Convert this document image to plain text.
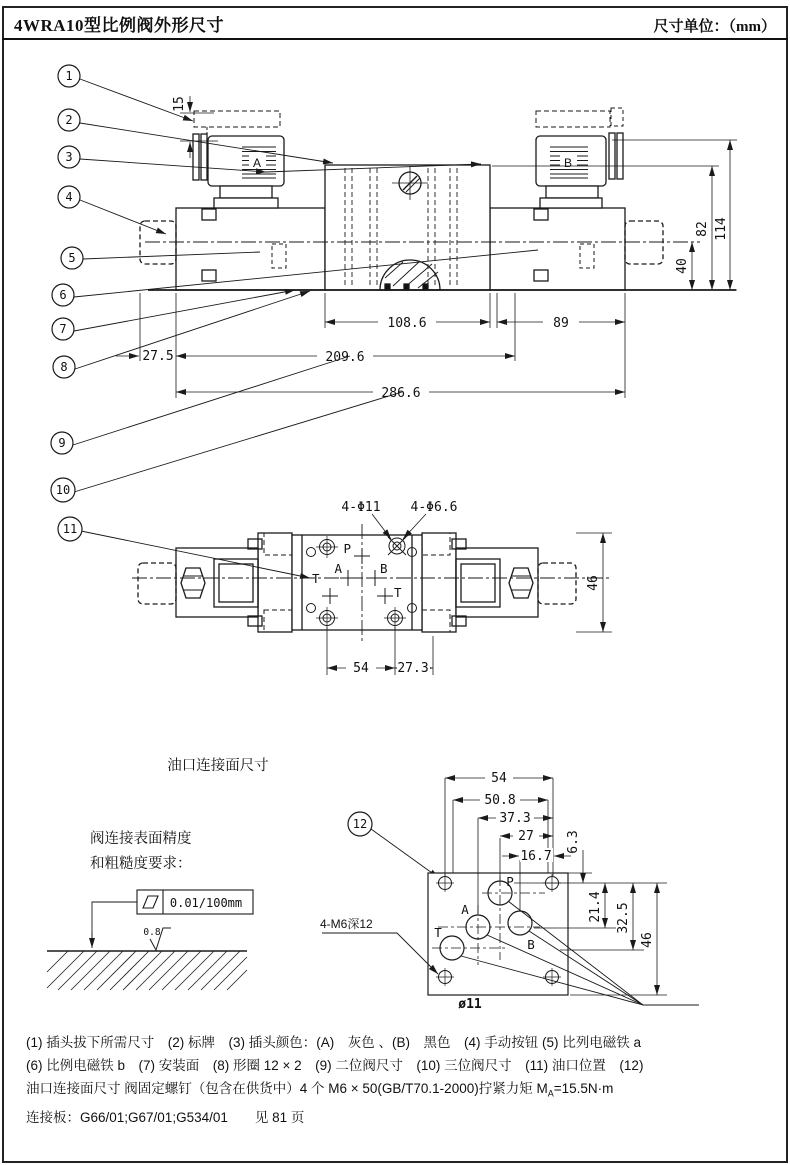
4WRA10型比例阀外形尺寸	尺寸单位：（mm）
A	B
15
40
82 114
108.6	89
27.5	209.6
286.6
4-Φ11 4-Φ6.6
P
A	B
T
T
54 27.3
46
1
2
3
4
5
6
7
8
9
10
11
12
油口连接面尺寸
阀连接表面精度
和粗糙度要求：
0.01/100mm
0.8
54
50.8
37.3
27
16.7
6.3
21.4 32.5
46
P
A
B
T
4-M6深12
ø11
(1) 插头拔下所需尺寸　(2) 标牌　(3) 插头颜色：(A)　灰色 、(B)　黑色　(4) 手动按钮 (5) 比列电磁铁 a
(6) 比例电磁铁 b　(7) 安装面　(8) 形圈 12 × 2　(9) 二位阀尺寸　(10) 三位阀尺寸　(11) 油口位置　(12)
油口连接面尺寸 阀固定螺钉（包含在供货中）4 个 M6 × 50(GB/T70.1-2000)拧紧力矩 $M_A=15.5N\cdot m$
连接板：G66/01;G67/01;G534/01　　见 81 页
